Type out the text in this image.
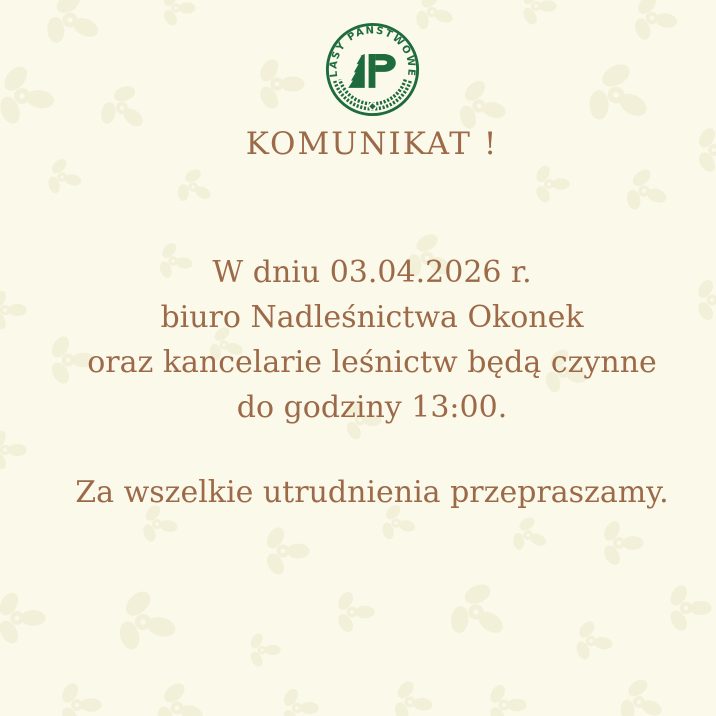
LASY PAŃSTWOWE
KOMUNIKAT !

W dniu 03.04.2026 r.

biuro Nadleśnictwa Okonek

oraz kancelarie leśnictw będą czynne

do godziny 13:00.

Za wszelkie utrudnienia przepraszamy.
